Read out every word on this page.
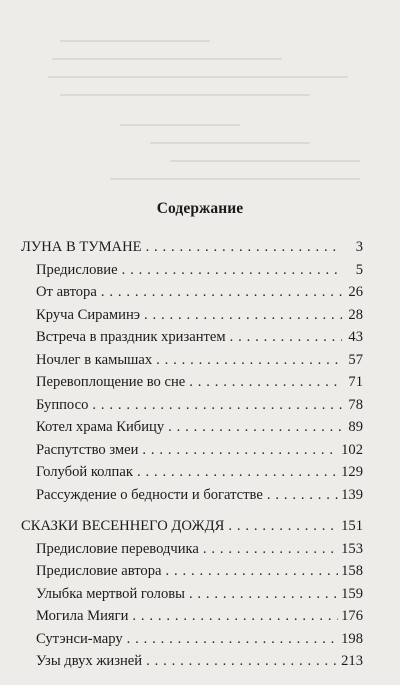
Содержание
ЛУНА В ТУМАНЕ . . .	3
Предисловие . . .	5
От автора . . .	26
Круча Сираминэ . . .	28
Встреча в праздник хризантем . . .	43
Ночлег в камышах . . .	57
Перевоплощение во сне . . .	71
Буппосо . . .	78
Котел храма Кибицу . . .	89
Распутство змеи . . .	102
Голубой колпак . . .	129
Рассуждение о бедности и богатстве . . .	139
СКАЗКИ ВЕСЕННЕГО ДОЖДЯ . . .	151
Предисловие переводчика . . .	153
Предисловие автора . . .	158
Улыбка мертвой головы . . .	159
Могила Мияги . . .	176
Сутэнси-мару . . .	198
Узы двух жизней . . .	213
